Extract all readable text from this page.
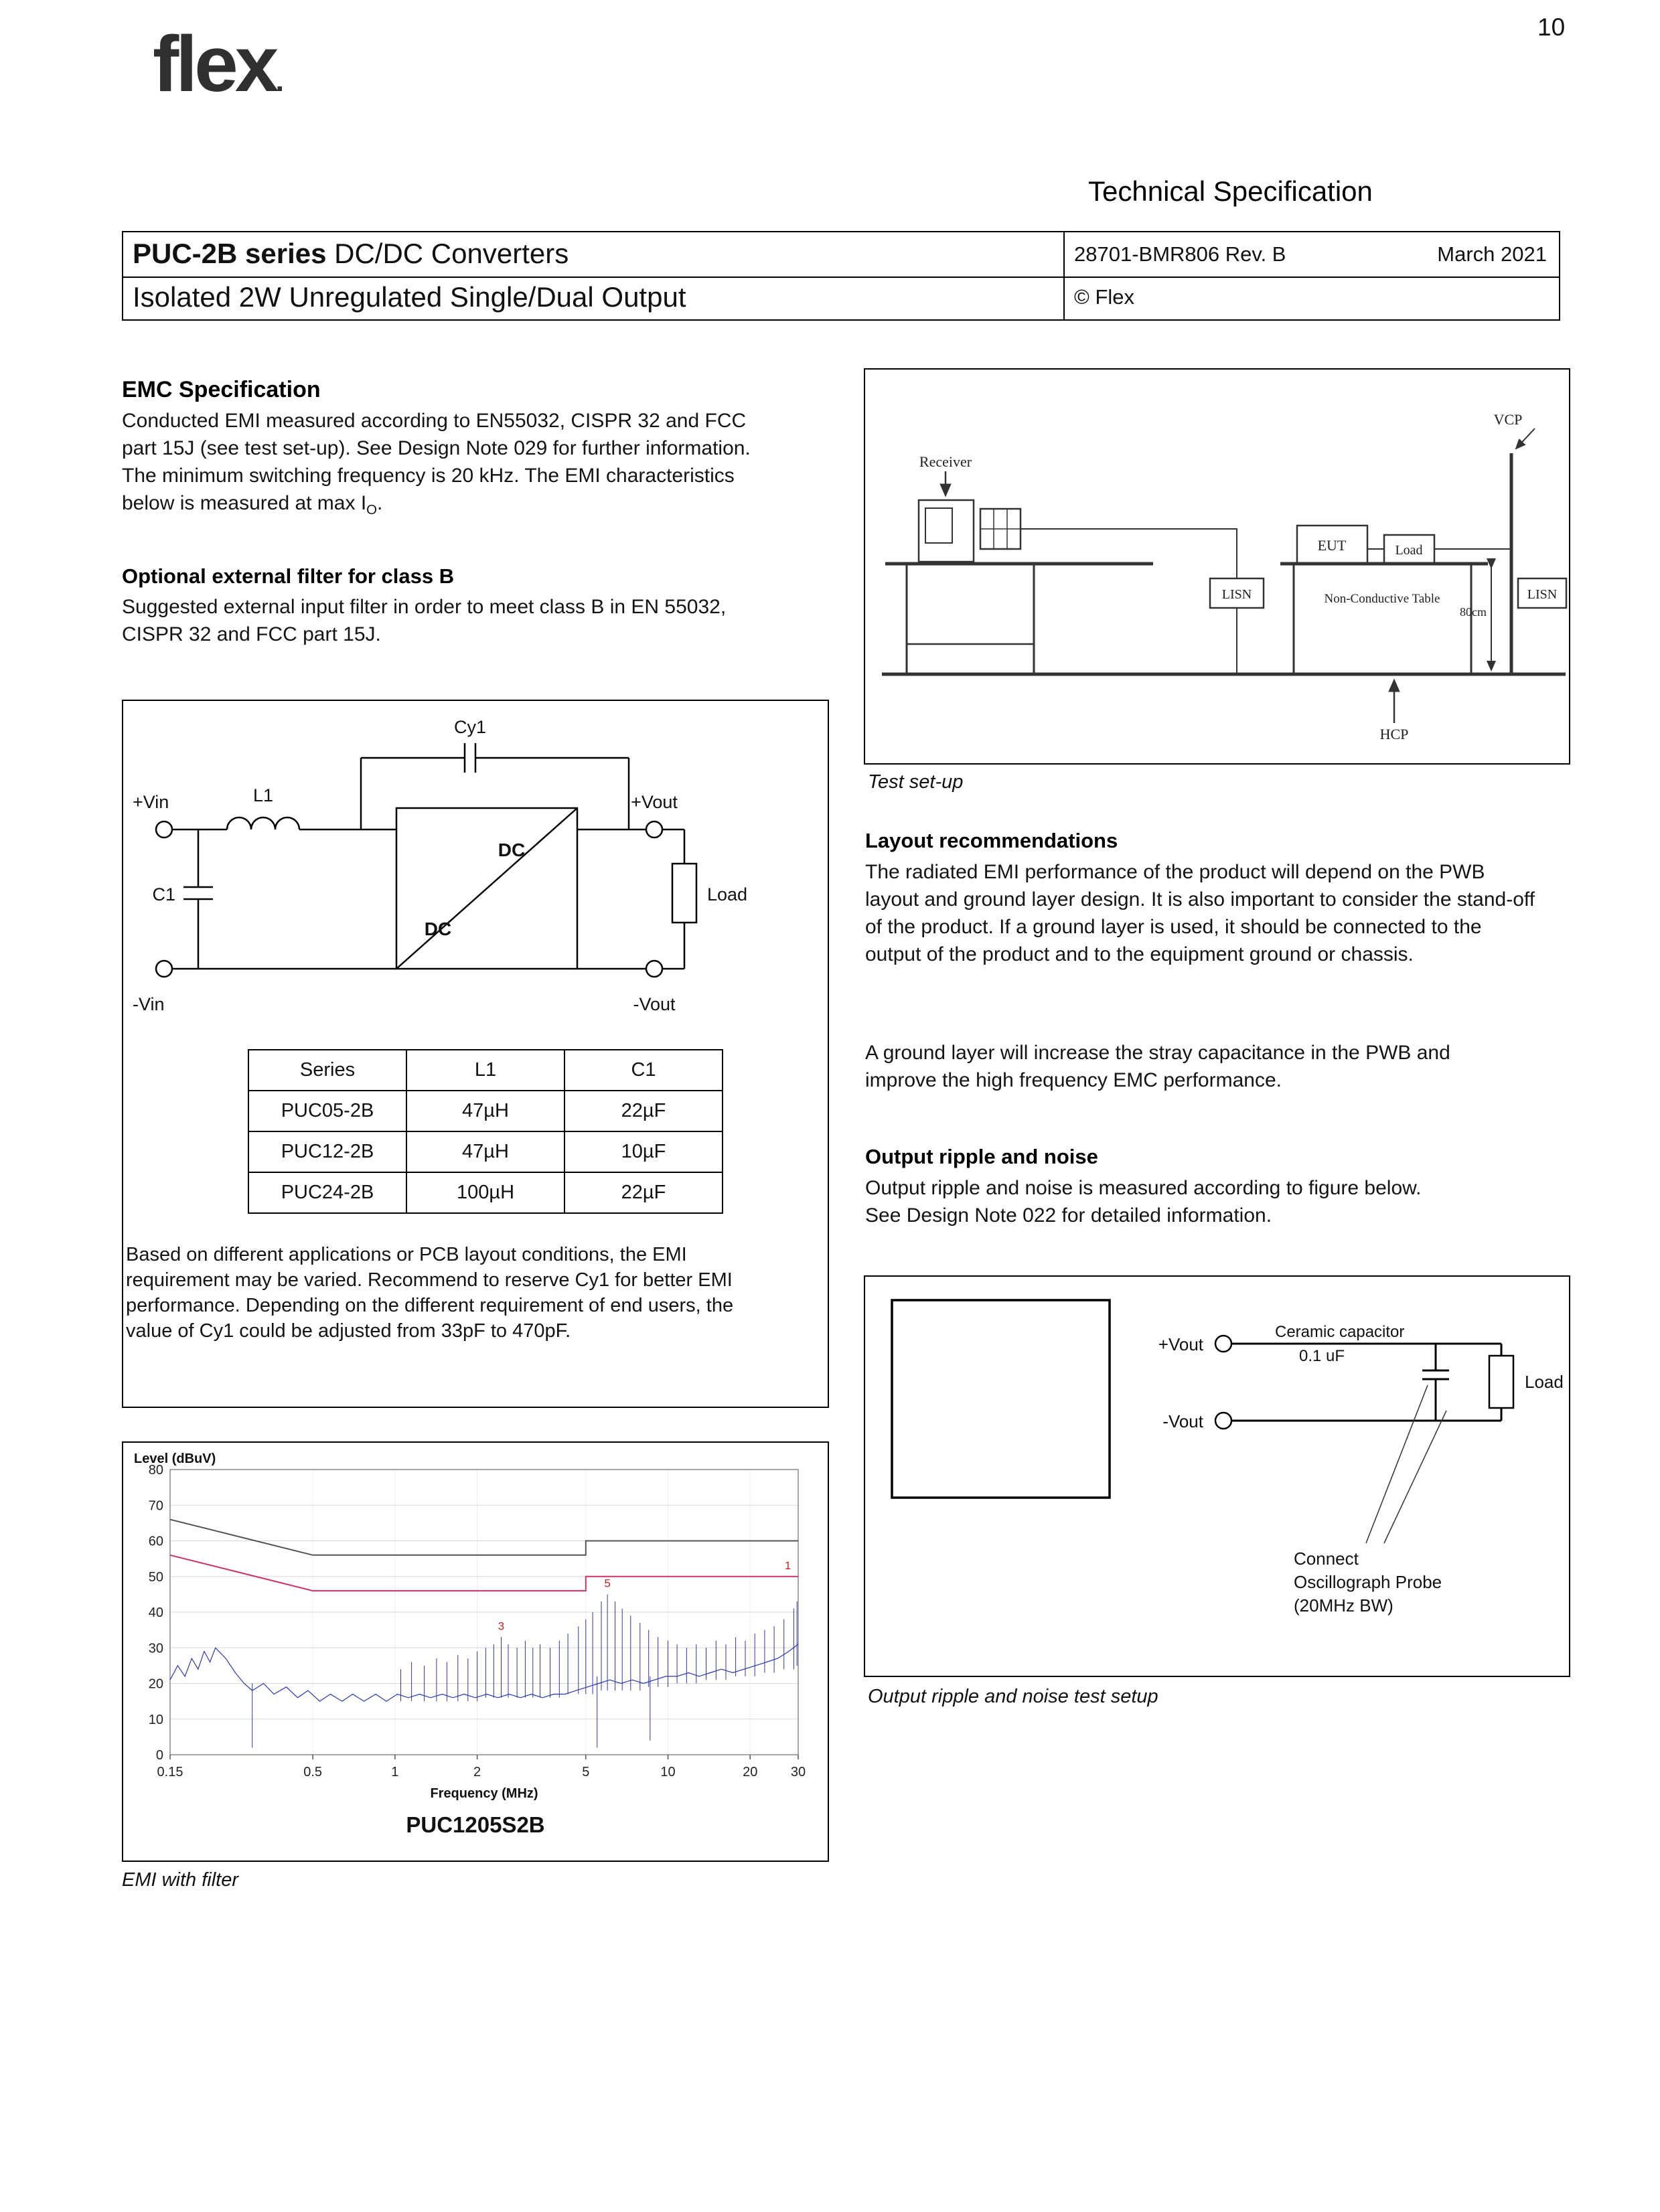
10
flex.
Technical Specification
PUC-2B series DC/DC Converters	28701-BMR806 Rev. B	March 2021
Isolated 2W Unregulated Single/Dual Output	© Flex
EMC Specification
Conducted EMI measured according to EN55032, CISPR 32 and FCC part 15J (see test set-up). See Design Note 029 for further information. The minimum switching frequency is 20 kHz. The EMI characteristics below is measured at $\max I_O$.
Optional external filter for class B
Suggested external input filter in order to meet class B in EN 55032, CISPR 32 and FCC part 15J.
+Vin
-Vin
L1
C1
Cy1
DC
DC
+Vout
-Vout
Load
Series	L1	C1
PUC05-2B	47µH	22µF
PUC12-2B	47µH	10µF
PUC24-2B	100µH	22µF
Based on different applications or PCB layout conditions, the EMI requirement may be varied. Recommend to reserve Cy1 for better EMI performance. Depending on the different requirement of end users, the value of Cy1 could be adjusted from 33pF to 470pF.
0
10
20
30
40
50
60
70
80
0.15	0.5	1	2	5	10	20 30
Level (dBuV)
Frequency (MHz)
3
5
1
PUC1205S2B
EMI with filter
Receiver
EUT	Load
Non-Conductive Table
LISN	LISN
VCP
80cm
HCP
Test set-up
Layout recommendations
The radiated EMI performance of the product will depend on the PWB layout and ground layer design. It is also important to consider the stand-off of the product. If a ground layer is used, it should be connected to the output of the product and to the equipment ground or chassis.
A ground layer will increase the stray capacitance in the PWB and improve the high frequency EMC performance.
Output ripple and noise
Output ripple and noise is measured according to figure below. See Design Note 022 for detailed information.
+Vout
-Vout
Ceramic capacitor
0.1 uF
Load
Connect
Oscillograph Probe
(20MHz BW)
Output ripple and noise test setup
